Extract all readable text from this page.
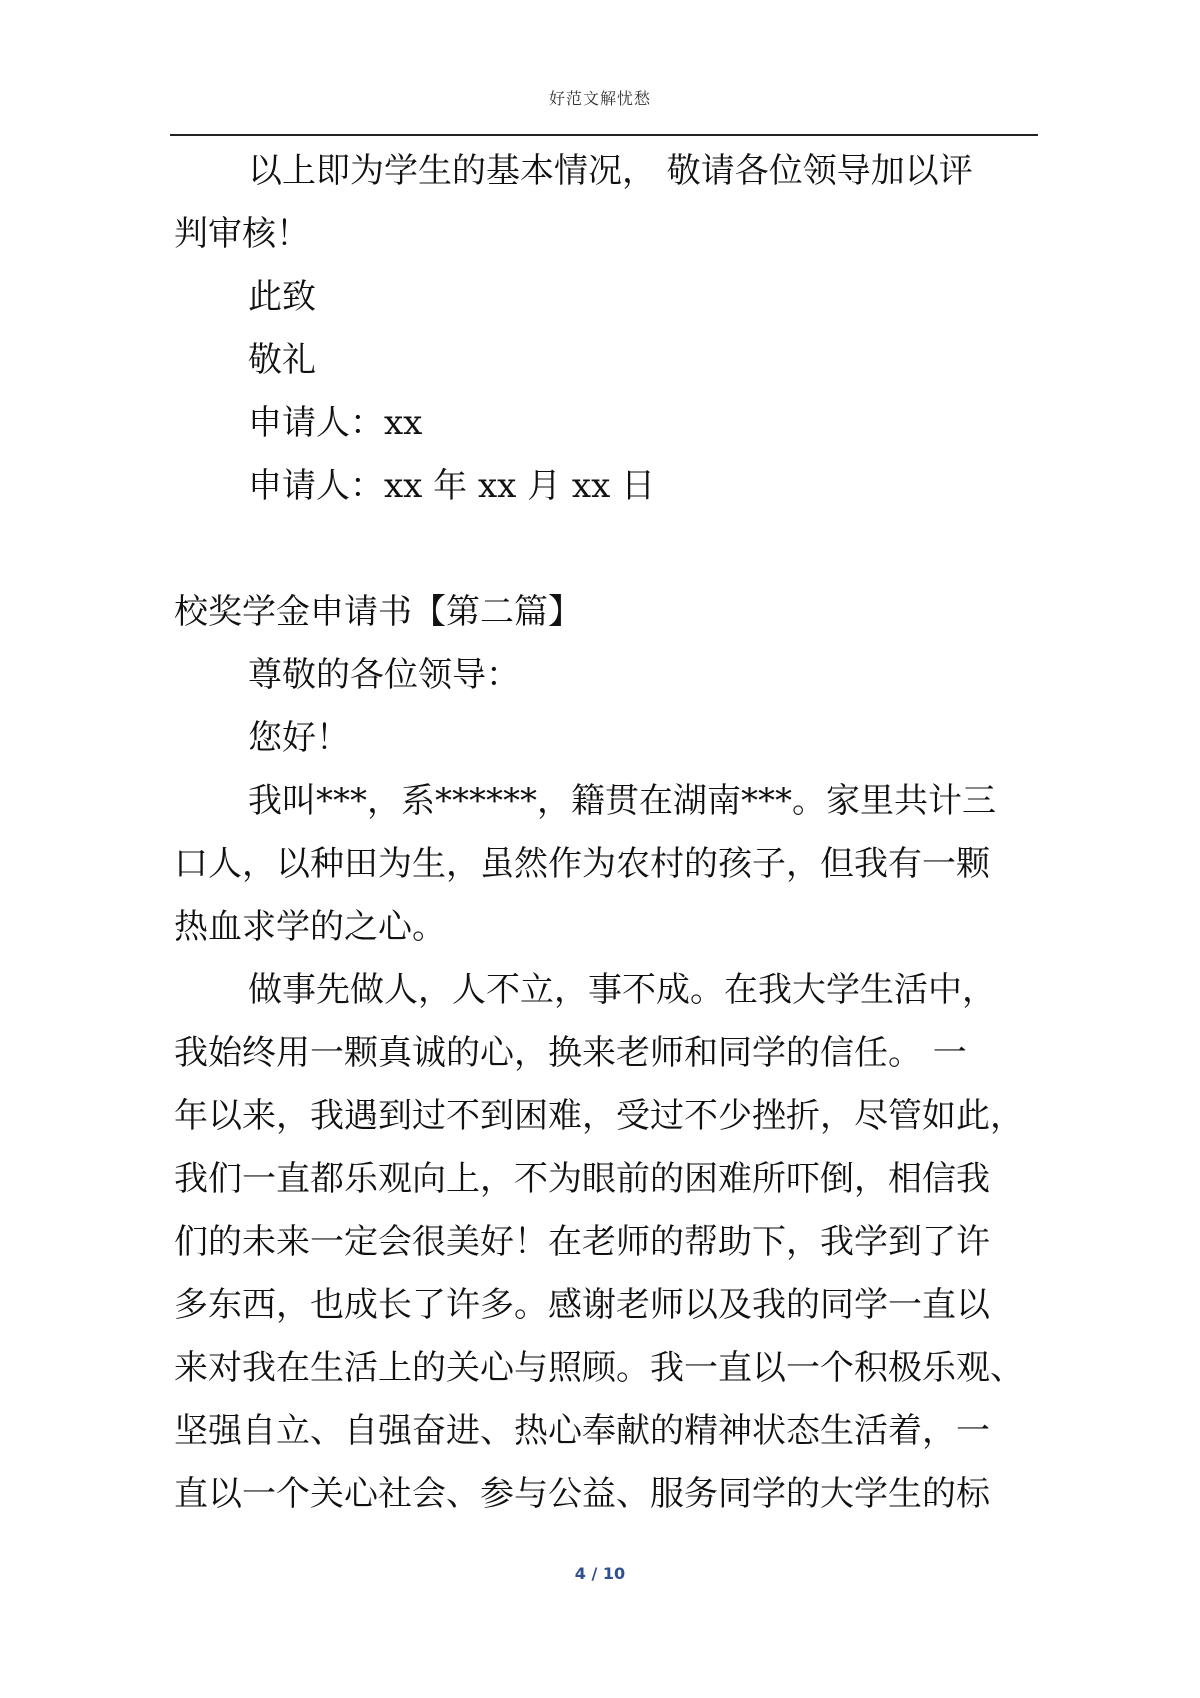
好范文解忧愁
以上即为学生的基本情况， 敬请各位领导加以评
判审核！
此致
敬礼
申请人：xx
申请人：xx 年 xx 月 xx 日
校奖学金申请书【第二篇】
尊敬的各位领导：
您好！
我叫***，系******，籍贯在湖南***。家里共计三
口人，以种田为生，虽然作为农村的孩子，但我有一颗
热血求学的之心。
做事先做人，人不立，事不成。在我大学生活中，
我始终用一颗真诚的心，换来老师和同学的信任。 一
年以来，我遇到过不到困难，受过不少挫折，尽管如此，
我们一直都乐观向上，不为眼前的困难所吓倒，相信我
们的未来一定会很美好！在老师的帮助下，我学到了许
多东西，也成长了许多。感谢老师以及我的同学一直以
来对我在生活上的关心与照顾。我一直以一个积极乐观、
坚强自立、自强奋进、热心奉献的精神状态生活着，一
直以一个关心社会、参与公益、服务同学的大学生的标
4 / 10
